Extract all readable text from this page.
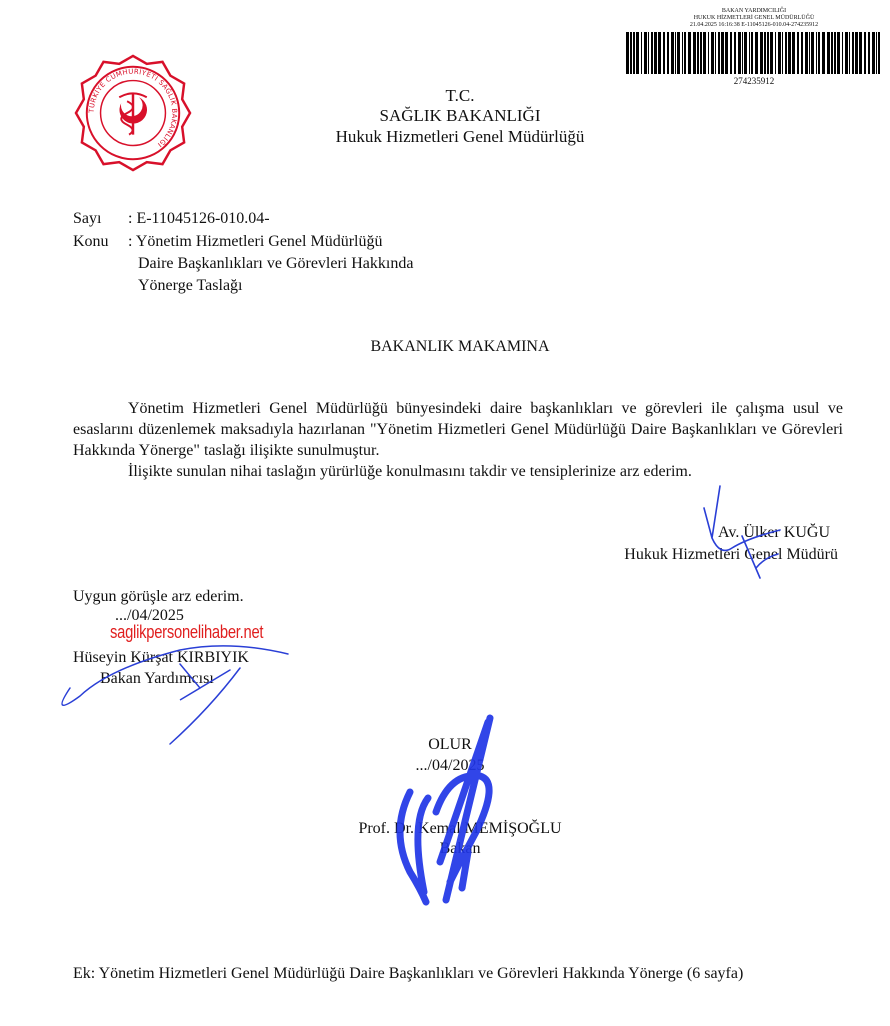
TÜRKİYE CUMHURİYETİ SAĞLIK BAKANLIĞI
BAKAN YARDIMCILIĞI
HUKUK HİZMETLERİ GENEL MÜDÜRLÜĞÜ
21.04.2025 16:16:38 E-11045126-010.04-274235912
274235912
T.C.
SAĞLIK BAKANLIĞI
Hukuk Hizmetleri Genel Müdürlüğü
Sayı : E-11045126-010.04-
Konu : Yönetim Hizmetleri Genel Müdürlüğü
Daire Başkanlıkları ve Görevleri Hakkında
Yönerge Taslağı
BAKANLIK MAKAMINA

Yönetim Hizmetleri Genel Müdürlüğü bünyesindeki daire başkanlıkları ve görevleri ile çalışma usul ve esaslarını düzenlemek maksadıyla hazırlanan "Yönetim Hizmetleri Genel Müdürlüğü Daire Başkanlıkları ve Görevleri Hakkında Yönerge" taslağı ilişikte sunulmuştur.

İlişikte sunulan nihai taslağın yürürlüğe konulmasını takdir ve tensiplerinize arz ederim.

Av. Ülker KUĞU
Hukuk Hizmetleri Genel Müdürü
Uygun görüşle arz ederim.
.../04/2025
saglikpersonelihaber.net
Hüseyin Kürşat KIRBIYIK
Bakan Yardımcısı
OLUR
.../04/2025
Prof. Dr. Kemal MEMİŞOĞLU
Bakan
Ek: Yönetim Hizmetleri Genel Müdürlüğü Daire Başkanlıkları ve Görevleri Hakkında Yönerge (6 sayfa)
